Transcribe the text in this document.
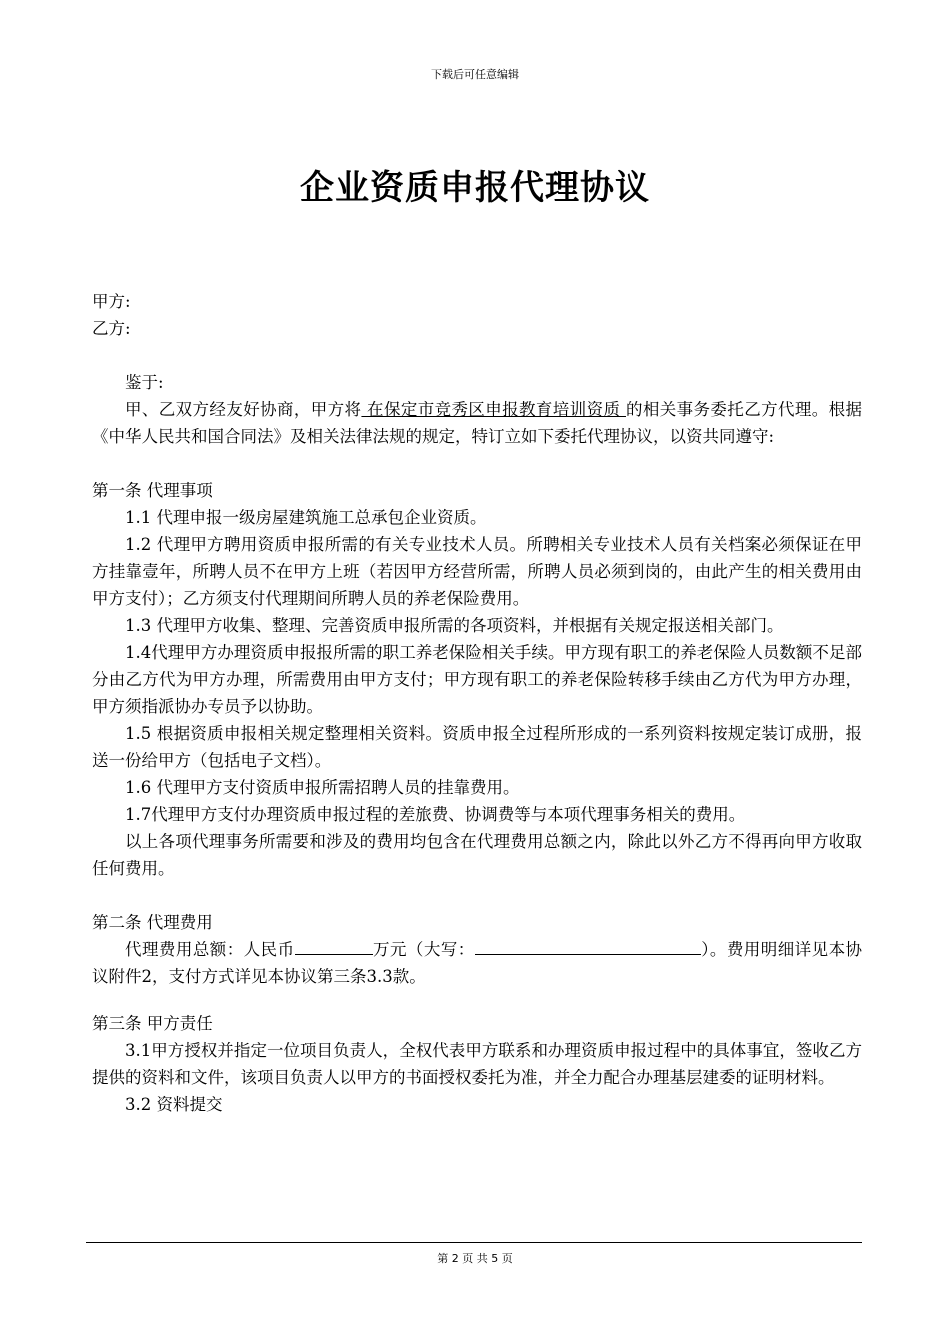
下载后可任意编辑
企业资质申报代理协议

甲方:

乙方:

鉴于:

甲、乙双方经友好协商，甲方将 在保定市竞秀区申报教育培训资质 的相关事务委托乙方代理。根据《中华人民共和国合同法》及相关法律法规的规定，特订立如下委托代理协议，以资共同遵守:

第一条 代理事项

1.1 代理申报一级房屋建筑施工总承包企业资质。

1.2 代理甲方聘用资质申报所需的有关专业技术人员。所聘相关专业技术人员有关档案必须保证在甲方挂靠壹年，所聘人员不在甲方上班（若因甲方经营所需，所聘人员必须到岗的，由此产生的相关费用由甲方支付）；乙方须支付代理期间所聘人员的养老保险费用。

1.3 代理甲方收集、整理、完善资质申报所需的各项资料，并根据有关规定报送相关部门。

1.4代理甲方办理资质申报报所需的职工养老保险相关手续。甲方现有职工的养老保险人员数额不足部分由乙方代为甲方办理，所需费用由甲方支付；甲方现有职工的养老保险转移手续由乙方代为甲方办理，甲方须指派协办专员予以协助。

1.5 根据资质申报相关规定整理相关资料。资质申报全过程所形成的一系列资料按规定装订成册，报送一份给甲方（包括电子文档）。

1.6 代理甲方支付资质申报所需招聘人员的挂靠费用。

1.7代理甲方支付办理资质申报过程的差旅费、协调费等与本项代理事务相关的费用。

以上各项代理事务所需要和涉及的费用均包含在代理费用总额之内，除此以外乙方不得再向甲方收取任何费用。

第二条 代理费用

代理费用总额：人民币	万元（大写：	）。费用明细详见本协议附件2，支付方式详见本协议第三条3.3款。

第三条 甲方责任

3.1甲方授权并指定一位项目负责人，全权代表甲方联系和办理资质申报过程中的具体事宜，签收乙方提供的资料和文件，该项目负责人以甲方的书面授权委托为准，并全力配合办理基层建委的证明材料。

3.2 资料提交

第 2 页 共 5 页
